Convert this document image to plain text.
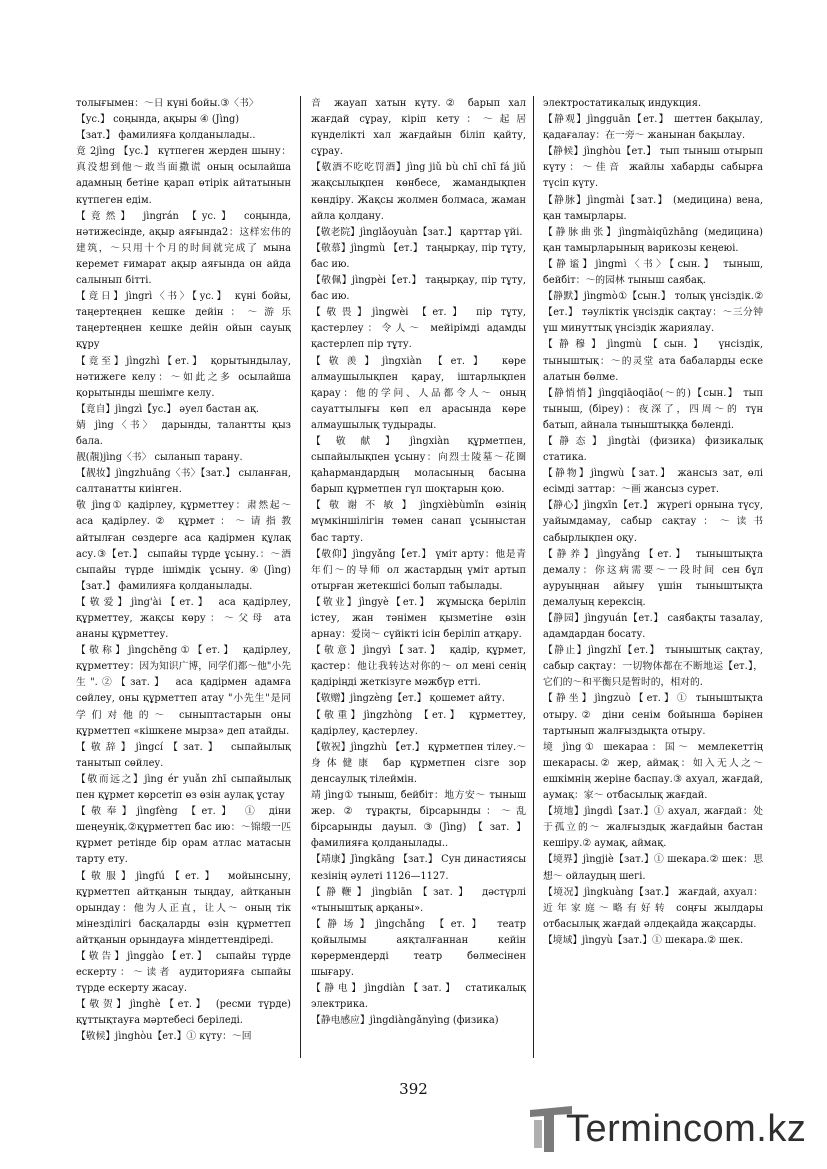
толығымен：～日 күні бойы.③〈书〉

【ус.】 соңында, ақыры ④ (Jìng)

【зат.】 фамилияға қолданылады..

竟 2jìng 【ус.】 күтпеген жерден шыну：真没想到他～敢当面撒谎 оның осылайша адамның бетіне қарап өтірік айтатынын күтпеген едім.

【竟然】 jìngrán 【ус.】 соңында, нәтижесінде, ақыр аяғында2：这样宏伟的建筑，～只用十个月的时间就完成了 мына керемет ғимарат ақыр аяғында он айда салынып бітті.

【竟日】jìngrì〈书〉【ус.】 күні бойы, таңертеңнен кешке дейін：～游乐 таңертеңнен кешке дейін ойын сауық құру

【竟至】jìngzhì【ет.】 қорытындылау, нәтижеге келу：～如此之多 осылайша қорытынды шешімге келу.

【竟自】jìngzì【ус.】 әуел бастан ақ.

婧 jìng〈书〉 дарынды, талантты қыз бала.

靓(靚)jìng〈书〉 сыланып тарану.

【靓妆】jìngzhuāng〈书〉【зат.】 сыланған, салтанатты киінген.

敬 jìng① қадірлеу, құрметтеу：肃然起～ аса қадірлеу.② құрмет：～请指教 айтылған сөздерге аса қадірмен құлақ асу.③【ет.】 сыпайы түрде ұсыну.：～酒 сыпайы түрде ішімдік ұсыну.④(Jìng)【зат.】 фамилияға қолданылады.

【敬爱】jìng'ài【ет.】 аса қадірлеу, құрметтеу, жақсы көру：～父母 ата ананы құрметтеу.

【敬称】jìngchēng①【ет.】 қадірлеу, құрметтеу：因为知识广博，同学们都～他"小先生".②【зат.】 аса қадірмен адамға сөйлеу, оны құрметтеп атау "小先生"是同学们对他的～ сыныптастарын оны құрметтеп «кішкене мырза» деп атайды.

【敬辞】jìngcí【зат.】 сыпайылық танытып сөйлеу.

【敬而远之】jìng ér yuǎn zhī сыпайылық пен құрмет көрсетіп өз өзін аулақ ұстау

【敬奉】jìngfèng 【ет.】 ① діни шеңеуніқ.②құрметтеп бас ию：～锦缎一匹 құрмет ретінде бір орам атлас матасын тарту ету.

【敬服】jìngfú【ет.】 мойынсыну, құрметтеп айтқанын тыңдау, айтқанын орындау：他为人正直，让人～ оның тік мінезділігі басқаларды өзін құрметтеп айтқанын орындауға міндеттендіреді.

【敬告】jìnggào【ет.】 сыпайы түрде ескерту：～读者 аудиторияға сыпайы түрде ескерту жасау.

【敬贺】jìnghè【ет.】 (ресми түрде) құттықтауға мәртебесі беріледі.

【敬候】jìnghòu【ет.】① күту：～回

音 жауап хатын күту.② барып хал жағдай сұрау, кіріп кету：～起居 күнделікті хал жағдайын біліп қайту, сұрау.

【敬酒不吃吃罚酒】jìng jiǔ bù chī chī fá jiǔ жақсылықпен көнбесе, жамандықпен көндіру. Жақсы жолмен болмаса, жаман айла қолдану.

【敬老院】jìnglǎoyuàn【зат.】 қарттар үйі.

【敬慕】jìngmù 【ет.】 таңырқау, пір тұту, бас ию.

【敬佩】jìngpèi【ет.】 таңырқау, пір тұту, бас ию.

【敬畏】jìngwèi 【ет.】 пір тұту, қастерлеу：令人～ мейірімді адамды қастерлеп пір тұту.

【敬羡】jìngxiàn 【ет.】 көре алмаушылықпен қарау, іштарлықпен қарау：他的学问、人品都令人～ оның сауаттылығы көп ел арасында көре алмаушылық тудырады.

【敬献】jìngxiàn құрметпен, сыпайылықпен ұсыну：向烈士陵墓～花圈 қаһармандардың моласының басына барып құрметпен гүл шоқтарын қою.

【敬谢不敏】jìngxièbùmǐn өзінің мүмкіншілігін төмен санап ұсыныстан бас тарту.

【敬仰】jìngyǎng【ет.】 үміт арту：他是青年们～的导师 ол жастардың үміт артып отырған жетекшісі болып табылады.

【敬业】jìngyè【ет.】 жұмысқа беріліп істеу, жан тәнімен қызметіне өзін арнау：爱岗～ сүйікті ісін беріліп атқару.

【敬意】jìngyì【зат.】 қадір, құрмет, қастер：他让我转达对你的～ ол мені сенің қадіріңді жеткізуге мәжбүр етті.

【敬赠】jìngzèng【ет.】 қошемет айту.

【敬重】jìngzhòng 【ет.】 құрметтеу, қадірлеу, қастерлеу.

【敬祝】jìngzhù 【ет.】 құрметпен тілеу.～身体健康 бар құрметпен сізге зор денсаулық тілеймін.

靖 jìng① тыныш, бейбіт：地方安～ тыныш жер. ② тұрақты, бірсарынды：～乱 бірсарынды дауыл.③(Jìng)【зат.】 фамилияға қолданылады..

【靖康】Jìngkāng 【зат.】 Сун династиясы кезінің әулеті 1126—1127.

【静鞭】jìngbiān【зат.】 дәстүрлі «тыныштық арқаны».

【静场】jìngchǎng 【ет.】 театр қойылымы аяқталғаннан кейін көрермендерді театр бөлмесінен шығару.

【静电】jìngdiàn【зат.】 статикалық электрика.

【静电感应】jìngdiàngǎnyìng (физика)

электростатикалық индукция.

【静观】jìngguān【ет.】 шеттен бақылау, қадағалау：在一旁～ жанынан бақылау.

【静候】jìnghòu【ет.】 тып тыныш отырып күту：～佳音 жайлы хабарды сабырға түсіп күту.

【静脉】jìngmài【зат.】 (медицина) вена, қан тамырлары.

【静脉曲张】jìngmàiqūzhāng (медицина) қан тамырларының варикозы кеңеюі.

【静谧】jìngmì〈书〉【сын.】 тыныш, бейбіт：～的园林 тыныш саябақ.

【静默】jìngmò①【сын.】 толық үнсіздік.②【ет.】 тәуліктік үнсіздік сақтау：～三分钟 үш минуттық үнсіздік жариялау.

【静穆】jìngmù【сын.】 үнсіздік, тыныштық：～的灵堂 ата бабаларды еске алатын бөлме.

【静悄悄】jìngqiāoqiāo(～的)【сын.】 тып тыныш, (біреу)：夜深了，四周～的 түн батып, айнала тыныштыққа бөленді.

【静态】jìngtài (физика) физикалық статика.

【静物】jìngwù【зат.】 жансыз зат, өлі есімді заттар：～画 жансыз сурет.

【静心】jìngxīn【ет.】 жүрегі орнына түсу, уайымдамау, сабыр сақтау：～读书 сабырлықпен оқу.

【静养】jìngyǎng【ет.】 тыныштықта демалу：你这病需要～一段时间 сен бұл ауруыңнан айығу үшін тыныштықта демалуың керексің.

【静园】jìngyuán【ет.】 саябақты тазалау, адамдардан босату.

【静止】jìngzhǐ【ет.】 тыныштық сақтау, сабыр сақтау：一切物体都在不断地运【ет.】，它们的～和平衡只是暂时的，相对的.

【静坐】jìngzuò【ет.】① тыныштықта отыру.② діни сенім бойынша бәрінен тартынып жалғыздықта отыру.

境 jìng① шекараa：国～ мемлекеттің шекарасы.② жер, аймақ：如入无人之～ ешкімнің жеріне баспау.③ ахуал, жағдай, аумақ：家～ отбасылық жағдай.

【境地】jìngdì【зат.】① ахуал, жағдай：处于孤立的～ жалғыздық жағдайын бастан кешіру.② аумақ, аймақ.

【境界】jìngjiè【зат.】① шекара.② шек：思想～ ойлаудың шегі.

【境况】jìngkuàng【зат.】 жағдай, ахуал：近年家庭～略有好转 соңғы жылдары отбасылық жағдай әлдеқайда жақсарды.

【境域】jìngyù【зат.】① шекара.② шек.

392
Termincom.kz
